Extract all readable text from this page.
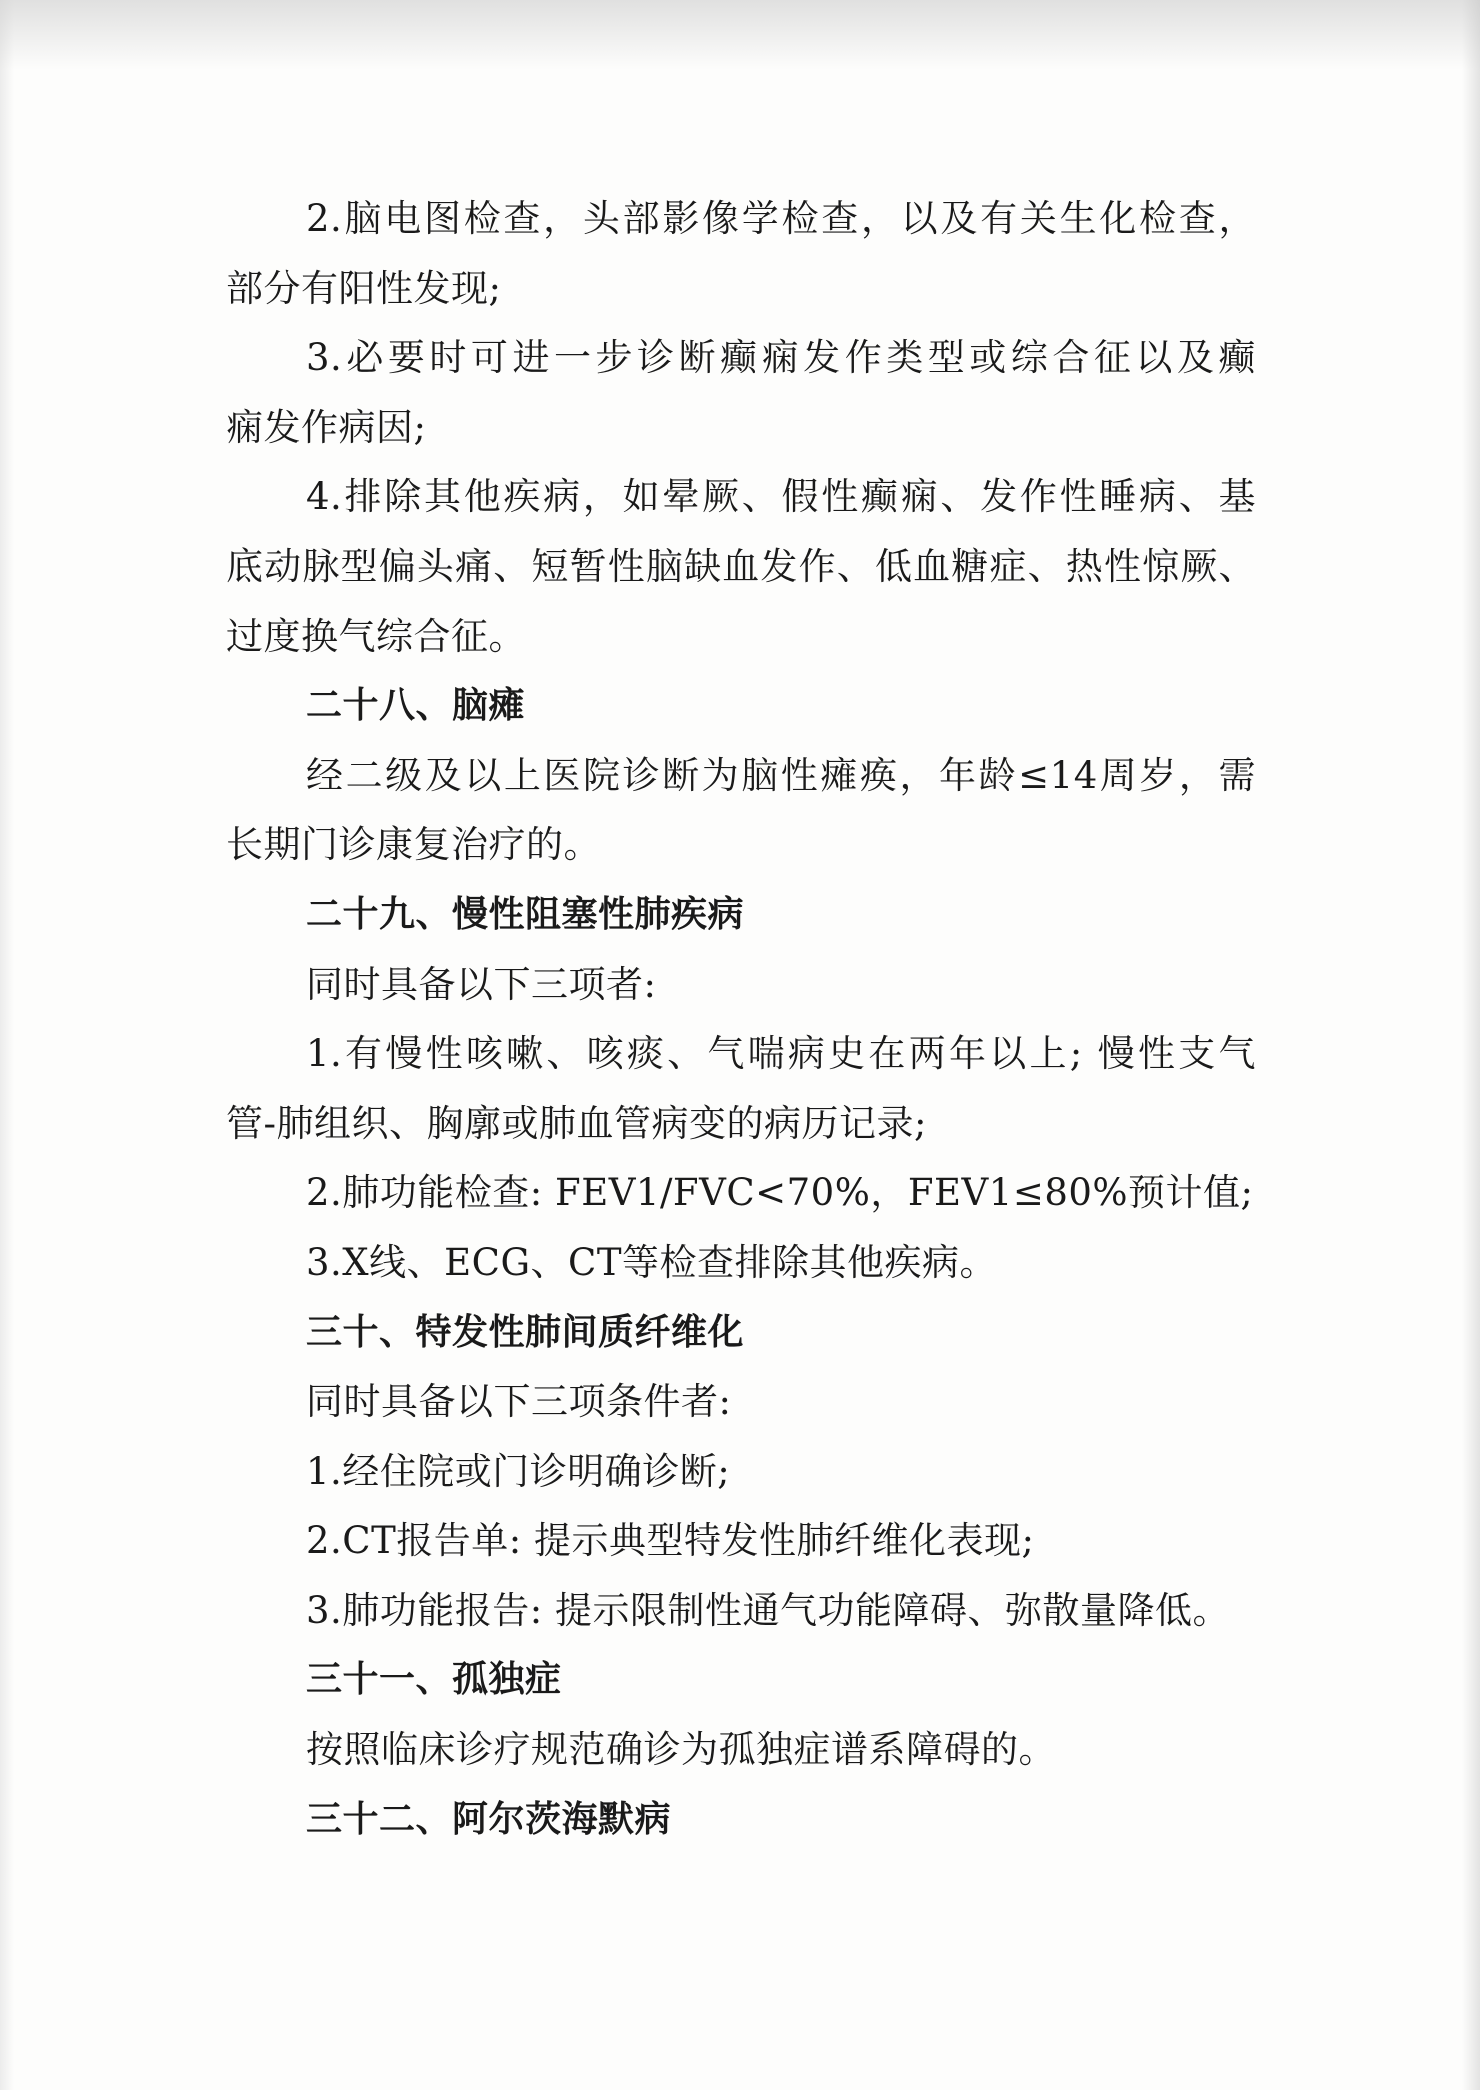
2.脑电图检查，头部影像学检查，以及有关生化检查，
部分有阳性发现;
3.必要时可进一步诊断癫痫发作类型或综合征以及癫
痫发作病因;
4.排除其他疾病，如晕厥、假性癫痫、发作性睡病、基
底动脉型偏头痛、短暂性脑缺血发作、低血糖症、热性惊厥、
过度换气综合征。
二十八、脑瘫
经二级及以上医院诊断为脑性瘫痪，年龄≤14周岁，需
长期门诊康复治疗的。
二十九、慢性阻塞性肺疾病
同时具备以下三项者:
1.有慢性咳嗽、咳痰、气喘病史在两年以上; 慢性支气
管-肺组织、胸廓或肺血管病变的病历记录;
2.肺功能检查: FEV1/FVC<70%，FEV1≤80%预计值;
3.X线、ECG、CT等检查排除其他疾病。
三十、特发性肺间质纤维化
同时具备以下三项条件者:
1.经住院或门诊明确诊断;
2.CT报告单: 提示典型特发性肺纤维化表现;
3.肺功能报告: 提示限制性通气功能障碍、弥散量降低。
三十一、孤独症
按照临床诊疗规范确诊为孤独症谱系障碍的。
三十二、阿尔茨海默病
